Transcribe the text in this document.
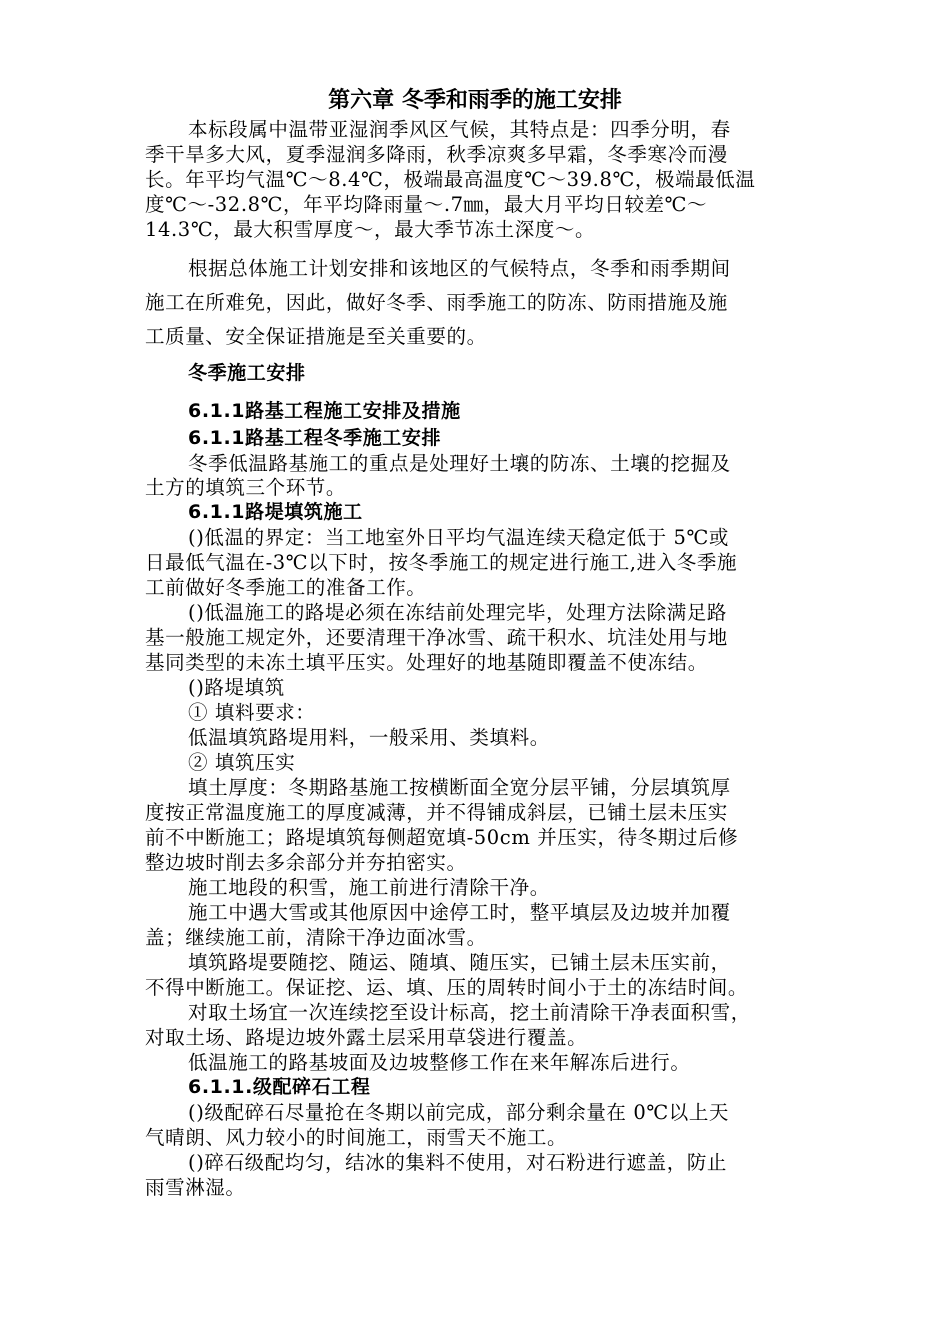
第六章 冬季和雨季的施工安排
本标段属中温带亚湿润季风区气候，其特点是：四季分明，春
季干旱多大风，夏季湿润多降雨，秋季凉爽多早霜，冬季寒冷而漫
长。年平均气温℃～8.4℃，极端最高温度℃～39.8℃，极端最低温
度℃～-32.8℃，年平均降雨量～.7㎜，最大月平均日较差℃～
14.3℃，最大积雪厚度～，最大季节冻土深度～。
根据总体施工计划安排和该地区的气候特点，冬季和雨季期间
施工在所难免，因此，做好冬季、雨季施工的防冻、防雨措施及施
工质量、安全保证措施是至关重要的。
冬季施工安排
6.1.1路基工程施工安排及措施
6.1.1路基工程冬季施工安排
冬季低温路基施工的重点是处理好土壤的防冻、土壤的挖掘及
土方的填筑三个环节。
6.1.1路堤填筑施工
()低温的界定：当工地室外日平均气温连续天稳定低于 5℃或
日最低气温在-3℃以下时，按冬季施工的规定进行施工,进入冬季施
工前做好冬季施工的准备工作。
()低温施工的路堤必须在冻结前处理完毕，处理方法除满足路
基一般施工规定外，还要清理干净冰雪、疏干积水、坑洼处用与地
基同类型的未冻土填平压实。处理好的地基随即覆盖不使冻结。
()路堤填筑
① 填料要求：
低温填筑路堤用料，一般采用、类填料。
② 填筑压实
填土厚度：冬期路基施工按横断面全宽分层平铺，分层填筑厚
度按正常温度施工的厚度减薄，并不得铺成斜层，已铺土层未压实
前不中断施工；路堤填筑每侧超宽填-50cm 并压实，待冬期过后修
整边坡时削去多余部分并夯拍密实。
施工地段的积雪，施工前进行清除干净。
施工中遇大雪或其他原因中途停工时，整平填层及边坡并加覆
盖；继续施工前，清除干净边面冰雪。
填筑路堤要随挖、随运、随填、随压实，已铺土层未压实前，
不得中断施工。保证挖、运、填、压的周转时间小于土的冻结时间。
对取土场宜一次连续挖至设计标高，挖土前清除干净表面积雪，
对取土场、路堤边坡外露土层采用草袋进行覆盖。
低温施工的路基坡面及边坡整修工作在来年解冻后进行。
6.1.1.级配碎石工程
()级配碎石尽量抢在冬期以前完成，部分剩余量在 0℃以上天
气晴朗、风力较小的时间施工，雨雪天不施工。
()碎石级配均匀，结冰的集料不使用，对石粉进行遮盖，防止
雨雪淋湿。
